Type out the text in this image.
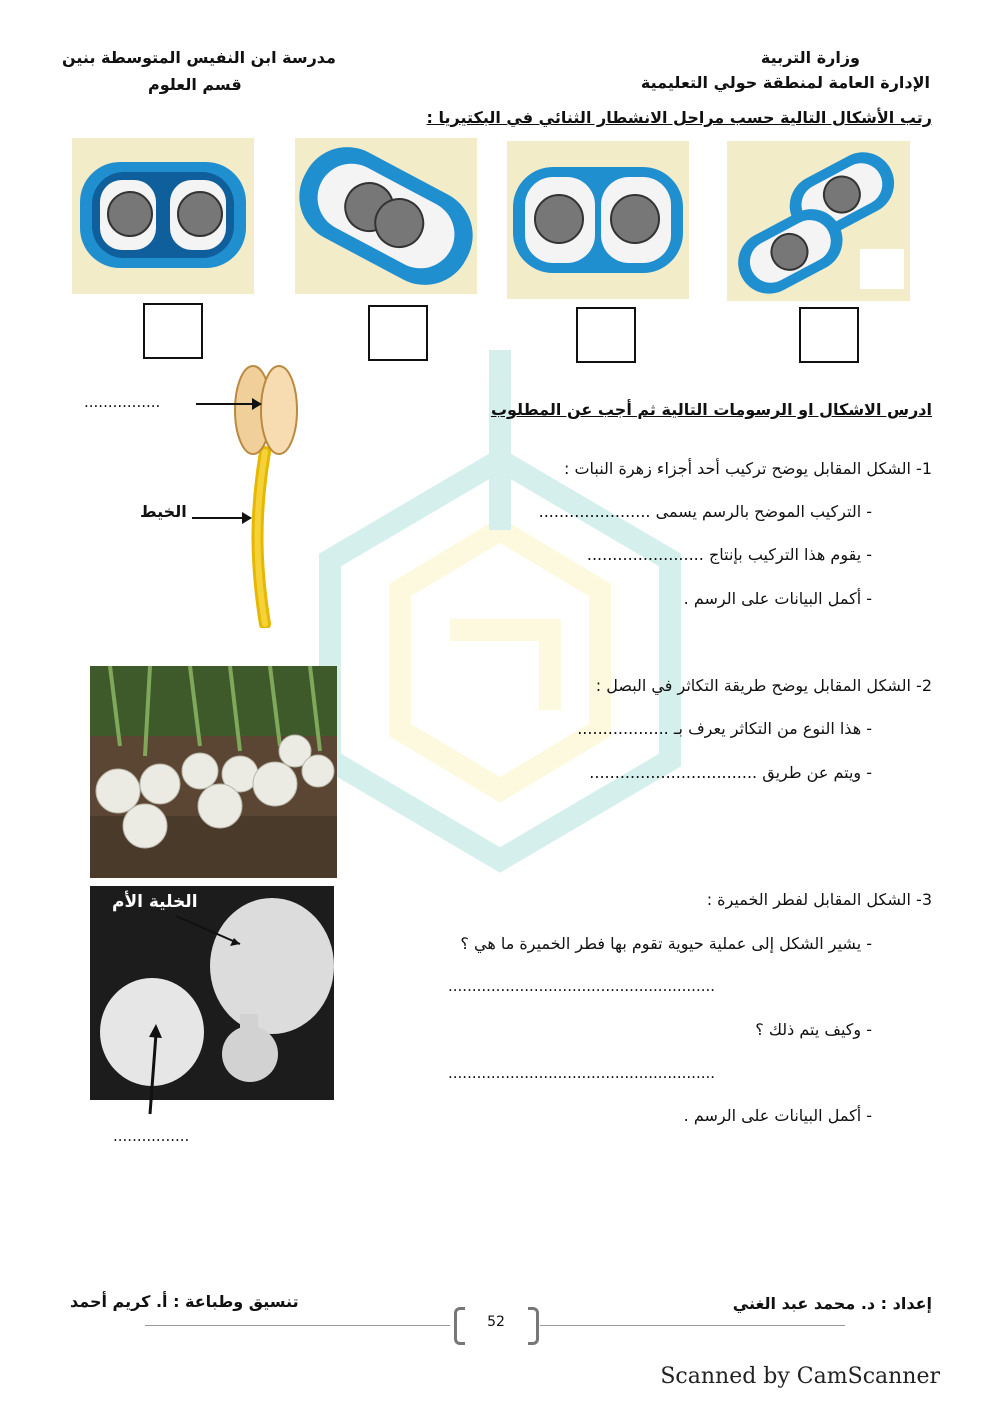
وزارة التربية
الإدارة العامة لمنطقة حولي التعليمية
مدرسة ابن النفيس المتوسطة بنين
قسم العلوم
رتب الأشكال التالية حسب مراحل الانشطار الثنائي في البكتيريا :
ادرس الاشكال او الرسومات التالية ثم أجب عن المطلوب
................
الخيط
1- الشكل المقابل يوضح تركيب أحد أجزاء زهرة النبات :
- التركيب الموضح بالرسم يسمى ......................
- يقوم هذا التركيب بإنتاج .......................
- أكمل البيانات على الرسم .
2- الشكل المقابل يوضح طريقة التكاثر في البصل :
- هذا النوع من التكاثر يعرف بـ ..................
- ويتم عن طريق .................................
الخلية الأم
................
3- الشكل المقابل لفطر الخميرة :
- يشير الشكل إلى عملية حيوية تقوم بها فطر الخميرة ما هي ؟
........................................................
- وكيف يتم ذلك ؟
........................................................
- أكمل البيانات على الرسم .
إعداد : د. محمد عبد الغني
تنسيق وطباعة : أ. كريم أحمد
52
Scanned by CamScanner
